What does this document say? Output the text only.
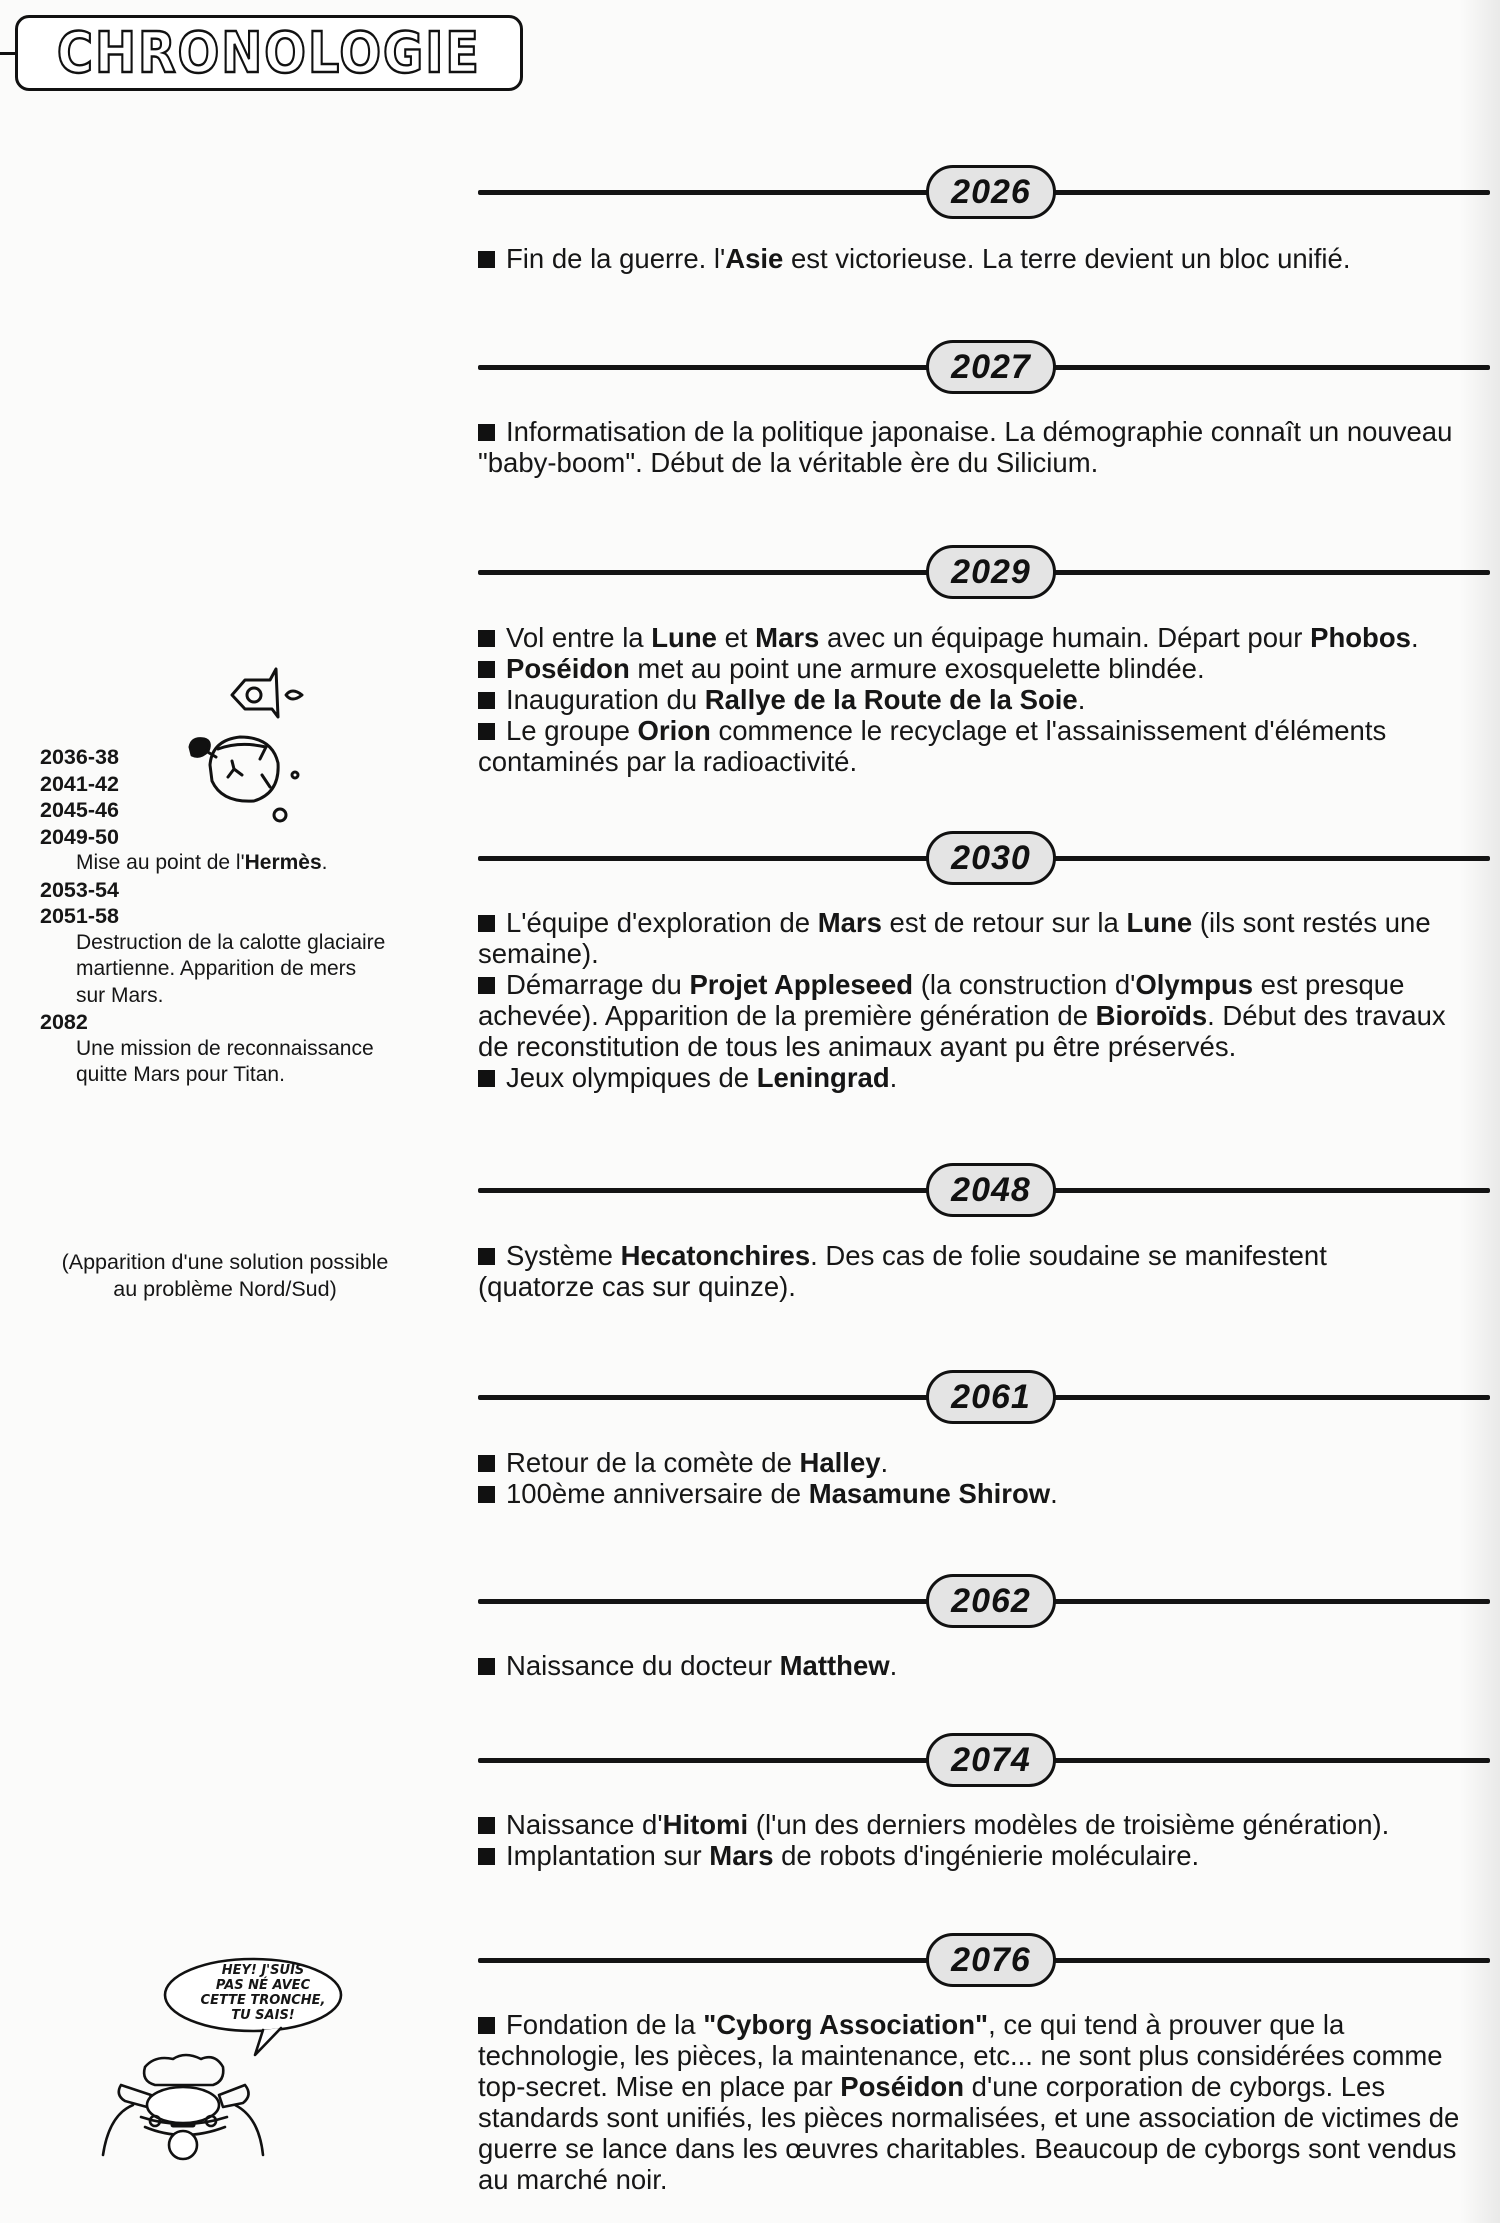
CHRONOLOGIE
2026

Fin de la guerre. l'Asie est victorieuse. La terre devient un bloc unifié.

2027

Informatisation de la politique japonaise. La démographie connaît un nouveau "baby-boom". Début de la véritable ère du Silicium.

2029

Vol entre la Lune et Mars avec un équipage humain. Départ pour Phobos.

Poséidon met au point une armure exosquelette blindée.

Inauguration du Rallye de la Route de la Soie.

Le groupe Orion commence le recyclage et l'assainissement d'éléments contaminés par la radioactivité.

2030

L'équipe d'exploration de Mars est de retour sur la Lune (ils sont restés une semaine).

Démarrage du Projet Appleseed (la construction d'Olympus est presque achevée). Apparition de la première génération de Bioroïds. Début des travaux de reconstitution de tous les animaux ayant pu être préservés.

Jeux olympiques de Leningrad.

2048

Système Hecatonchires. Des cas de folie soudaine se manifestent (quatorze cas sur quinze).

2061

Retour de la comète de Halley.

100ème anniversaire de Masamune Shirow.

2062

Naissance du docteur Matthew.

2074

Naissance d'Hitomi (l'un des derniers modèles de troisième génération).

Implantation sur Mars de robots d'ingénierie moléculaire.

2076

Fondation de la "Cyborg Association", ce qui tend à prouver que la technologie, les pièces, la maintenance, etc... ne sont plus considérées comme top-secret. Mise en place par Poséidon d'une corporation de cyborgs. Les standards sont unifiés, les pièces normalisées, et une association de victimes de guerre se lance dans les œuvres charitables. Beaucoup de cyborgs sont vendus au marché noir.

2036-38
2041-42
2045-46
2049-50
Mise au point de l'Hermès.
2053-54
2051-58
Destruction de la calotte glaciaire
martienne. Apparition de mers
sur Mars.
2082
Une mission de reconnaissance
quitte Mars pour Titan.
(Apparition d'une solution possible
au problème Nord/Sud)
HEY! J'SUIS
PAS NÉ AVEC
CETTE TRONCHE,
TU SAIS!
